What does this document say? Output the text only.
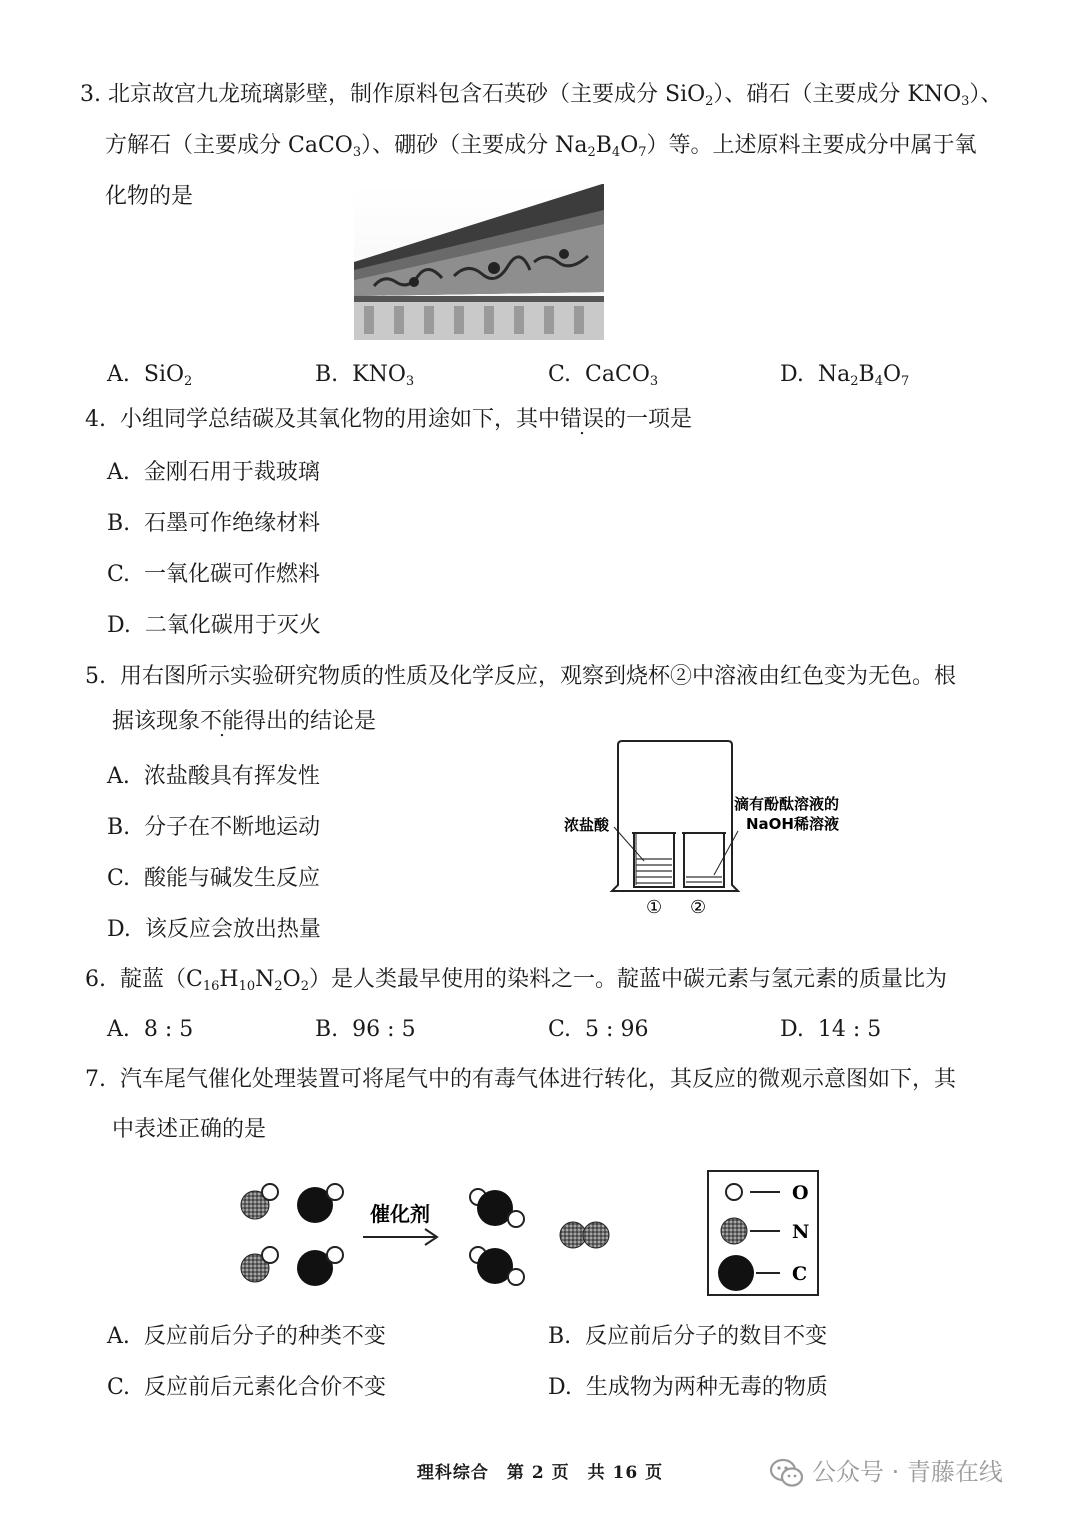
3. 北京故宫九龙琉璃影壁，制作原料包含石英砂（主要成分 SiO$_2$）、硝石（主要成分 $KNO_3$）、
方解石（主要成分 CaCO$_3$）、硼砂（主要成分 $Na_2B_4O_7$）等。上述原料主要成分中属于氧
化物的是
A. SiO$_2$	B. $KNO_3$	C. CaCO$_3$	D. $Na_2B_4O_7$
4. 小组同学总结碳及其氧化物的用途如下，其中错误的一项是
A. 金刚石用于裁玻璃
B. 石墨可作绝缘材料
C. 一氧化碳可作燃料
D. 二氧化碳用于灭火
5. 用右图所示实验研究物质的性质及化学反应，观察到烧杯②中溶液由红色变为无色。根
据该现象不能得出的结论是
A. 浓盐酸具有挥发性
B. 分子在不断地运动
C. 酸能与碱发生反应
D. 该反应会放出热量
浓盐酸
滴有酚酞溶液的
NaOH稀溶液
① ②
6. 靛蓝$(C_{16}H_{10}N_2O_2)$是人类最早使用的染料之一。靛蓝中碳元素与氢元素的质量比为
A. 8 : 5	B. 96 : 5	C. 5 : 96	D. 14 : 5
7. 汽车尾气催化处理装置可将尾气中的有毒气体进行转化，其反应的微观示意图如下，其
中表述正确的是
催化剂
O
N
C
A. 反应前后分子的种类不变	B. 反应前后分子的数目不变
C. 反应前后元素化合价不变	D. 生成物为两种无毒的物质
理科综合　第 2 页　共 16 页	公众号 · 青藤在线
